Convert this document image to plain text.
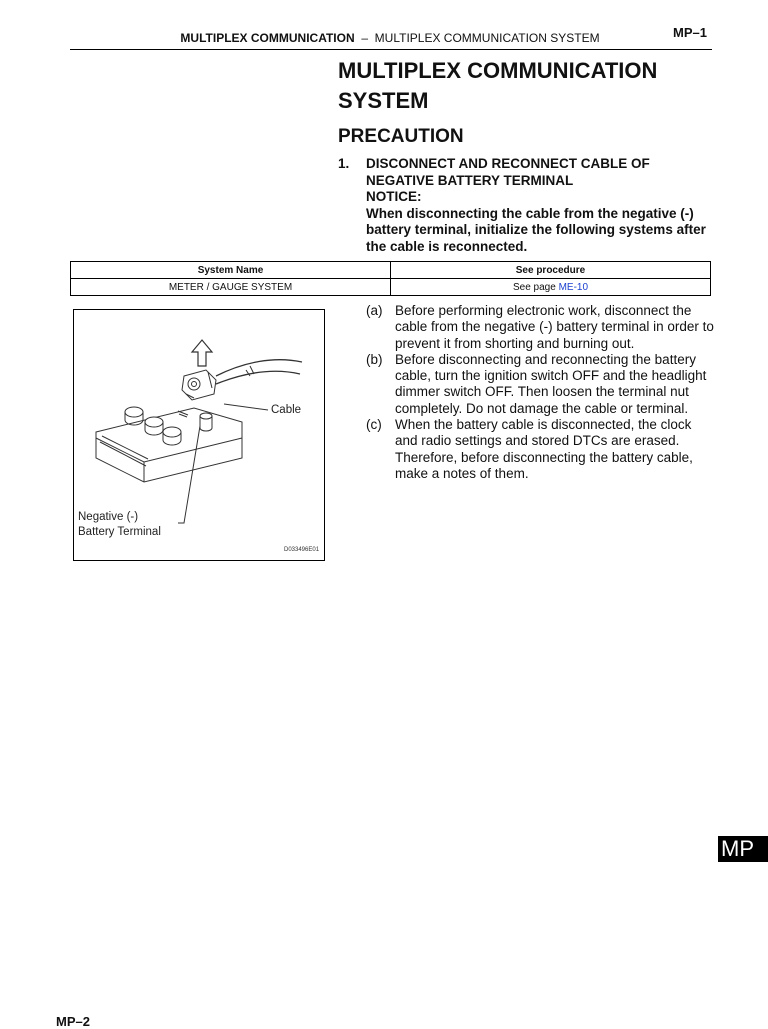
MULTIPLEX COMMUNICATION – MULTIPLEX COMMUNICATION SYSTEM	MP–1
MULTIPLEX COMMUNICATION SYSTEM
PRECAUTION
1. DISCONNECT AND RECONNECT CABLE OF NEGATIVE BATTERY TERMINAL
NOTICE:
When disconnecting the cable from the negative (-) battery terminal, initialize the following systems after the cable is reconnected.
System Name	See procedure
METER / GAUGE SYSTEM	See page ME-10
Cable
Negative (-)
Battery Terminal
D033496E01
(a) Before performing electronic work, disconnect the cable from the negative (-) battery terminal in order to prevent it from shorting and burning out.
(b) Before disconnecting and reconnecting the battery cable, turn the ignition switch OFF and the headlight dimmer switch OFF. Then loosen the terminal nut completely. Do not damage the cable or terminal.
(c) When the battery cable is disconnected, the clock and radio settings and stored DTCs are erased. Therefore, before disconnecting the battery cable, make a notes of them.
MP
MP–2
